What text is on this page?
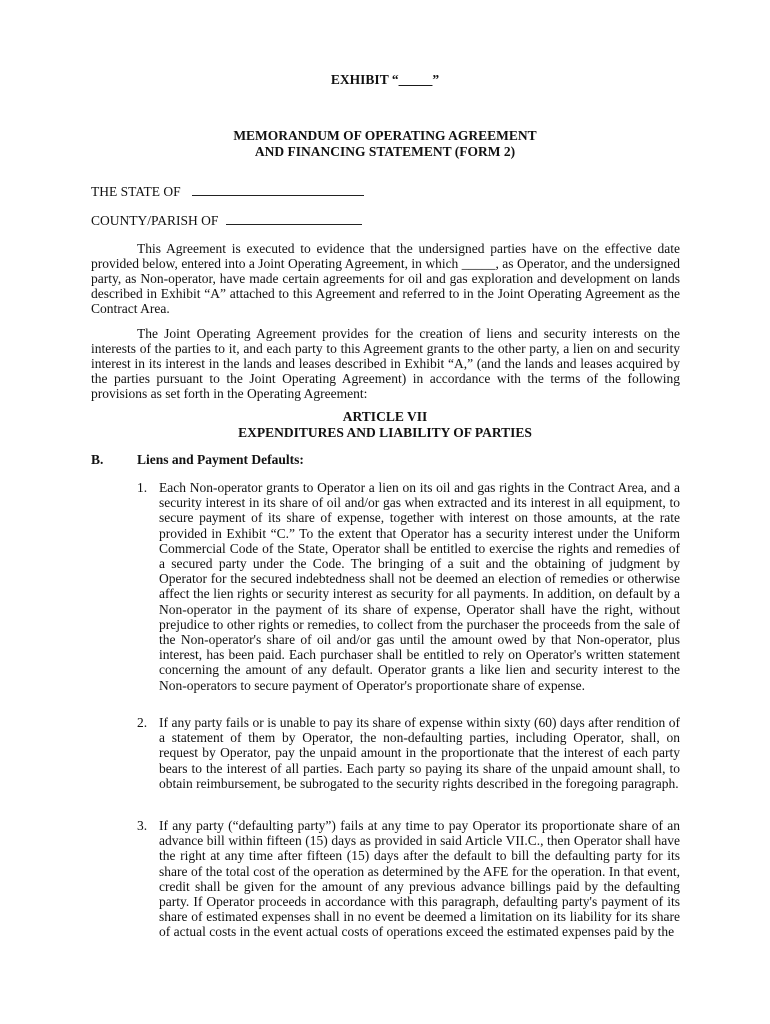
EXHIBIT “_____”
MEMORANDUM OF OPERATING AGREEMENT
AND FINANCING STATEMENT (FORM 2)
THE STATE OF
COUNTY/PARISH OF

This Agreement is executed to evidence that the undersigned parties have on the effective date provided below, entered into a Joint Operating Agreement, in which _____, as Operator, and the undersigned party, as Non-operator, have made certain agreements for oil and gas exploration and development on lands described in Exhibit “A” attached to this Agreement and referred to in the Joint Operating Agreement as the Contract Area.

The Joint Operating Agreement provides for the creation of liens and security interests on the interests of the parties to it, and each party to this Agreement grants to the other party, a lien on and security interest in its interest in the lands and leases described in Exhibit “A,” (and the lands and leases acquired by the parties pursuant to the Joint Operating Agreement) in accordance with the terms of the following provisions as set forth in the Operating Agreement:

ARTICLE VII
EXPENDITURES AND LIABILITY OF PARTIES
B. Liens and Payment Defaults:
1. Each Non-operator grants to Operator a lien on its oil and gas rights in the Contract Area, and a security interest in its share of oil and/or gas when extracted and its interest in all equipment, to secure payment of its share of expense, together with interest on those amounts, at the rate provided in Exhibit “C.” To the extent that Operator has a security interest under the Uniform Commercial Code of the State, Operator shall be entitled to exercise the rights and remedies of a secured party under the Code. The bringing of a suit and the obtaining of judgment by Operator for the secured indebtedness shall not be deemed an election of remedies or otherwise affect the lien rights or security interest as security for all payments. In addition, on default by a Non-operator in the payment of its share of expense, Operator shall have the right, without prejudice to other rights or remedies, to collect from the purchaser the proceeds from the sale of the Non-operator's share of oil and/or gas until the amount owed by that Non-operator, plus interest, has been paid. Each purchaser shall be entitled to rely on Operator's written statement concerning the amount of any default. Operator grants a like lien and security interest to the Non-operators to secure payment of Operator's proportionate share of expense.

2. If any party fails or is unable to pay its share of expense within sixty (60) days after rendition of a statement of them by Operator, the non-defaulting parties, including Operator, shall, on request by Operator, pay the unpaid amount in the proportionate that the interest of each party bears to the interest of all parties. Each party so paying its share of the unpaid amount shall, to obtain reimbursement, be subrogated to the security rights described in the foregoing paragraph.

3. If any party (“defaulting party”) fails at any time to pay Operator its proportionate share of an advance bill within fifteen (15) days as provided in said Article VII.C., then Operator shall have the right at any time after fifteen (15) days after the default to bill the defaulting party for its share of the total cost of the operation as determined by the AFE for the operation. In that event, credit shall be given for the amount of any previous advance billings paid by the defaulting party. If Operator proceeds in accordance with this paragraph, defaulting party's payment of its share of estimated expenses shall in no event be deemed a limitation on its liability for its share of actual costs in the event actual costs of operations exceed the estimated expenses paid by the
